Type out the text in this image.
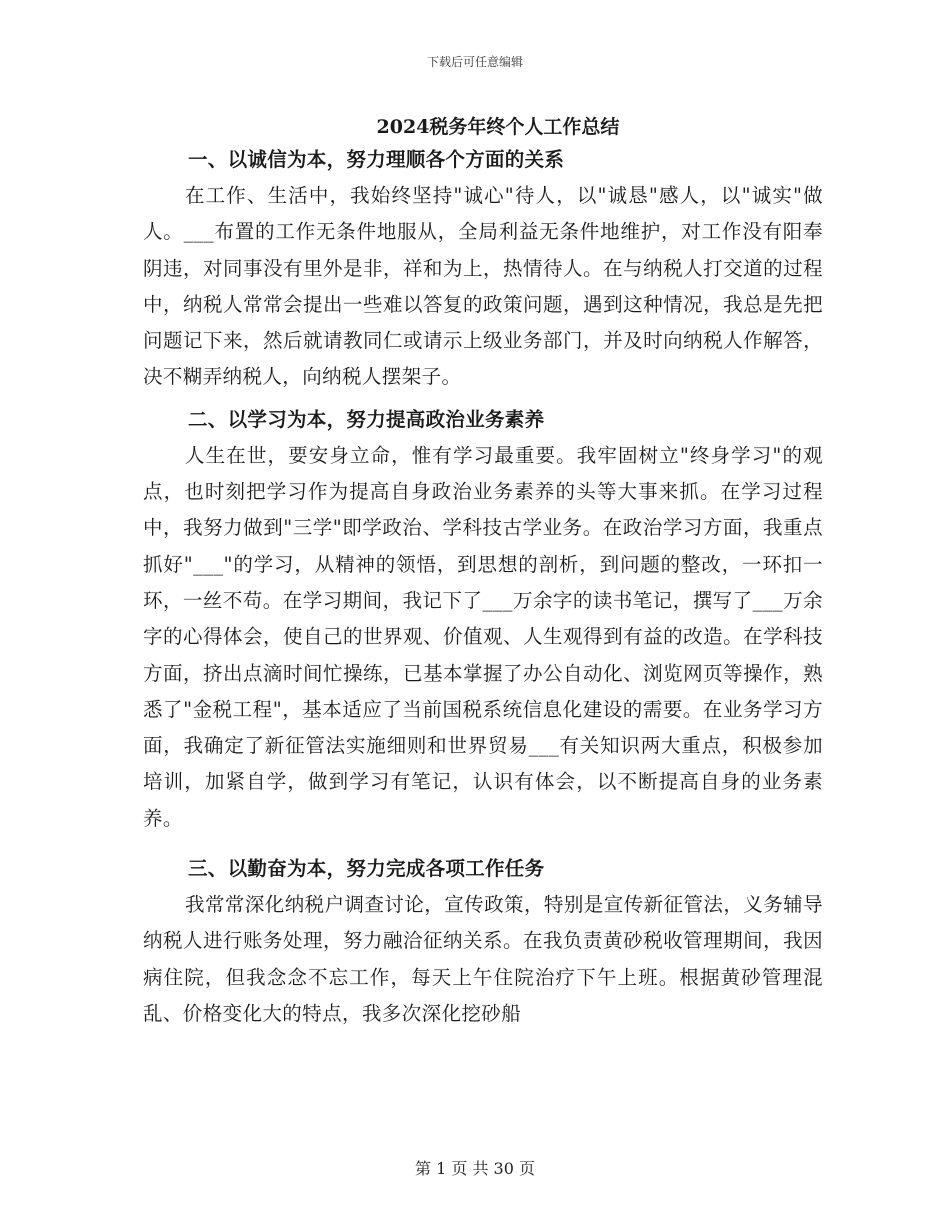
下载后可任意编辑
2024税务年终个人工作总结
一、以诚信为本，努力理顺各个方面的关系

在工作、生活中，我始终坚持"诚心"待人，以"诚恳"感人，以"诚实"做人。___布置的工作无条件地服从，全局利益无条件地维护，对工作没有阳奉阴违，对同事没有里外是非，祥和为上，热情待人。在与纳税人打交道的过程中，纳税人常常会提出一些难以答复的政策问题，遇到这种情况，我总是先把问题记下来，然后就请教同仁或请示上级业务部门，并及时向纳税人作解答，决不糊弄纳税人，向纳税人摆架子。

二、以学习为本，努力提高政治业务素养

人生在世，要安身立命，惟有学习最重要。我牢固树立"终身学习"的观点，也时刻把学习作为提高自身政治业务素养的头等大事来抓。在学习过程中，我努力做到"三学"即学政治、学科技古学业务。在政治学习方面，我重点抓好"___"的学习，从精神的领悟，到思想的剖析，到问题的整改，一环扣一环，一丝不苟。在学习期间，我记下了___万余字的读书笔记，撰写了___万余字的心得体会，使自己的世界观、价值观、人生观得到有益的改造。在学科技方面，挤出点滴时间忙操练，已基本掌握了办公自动化、浏览网页等操作，熟悉了"金税工程"，基本适应了当前国税系统信息化建设的需要。在业务学习方面，我确定了新征管法实施细则和世界贸易___有关知识两大重点，积极参加培训，加紧自学，做到学习有笔记，认识有体会，以不断提高自身的业务素养。

三、以勤奋为本，努力完成各项工作任务

我常常深化纳税户调查讨论，宣传政策，特别是宣传新征管法，义务辅导纳税人进行账务处理，努力融洽征纳关系。在我负责黄砂税收管理期间，我因病住院，但我念念不忘工作，每天上午住院治疗下午上班。根据黄砂管理混乱、价格变化大的特点，我多次深化挖砂船

第 1 页 共 30 页
